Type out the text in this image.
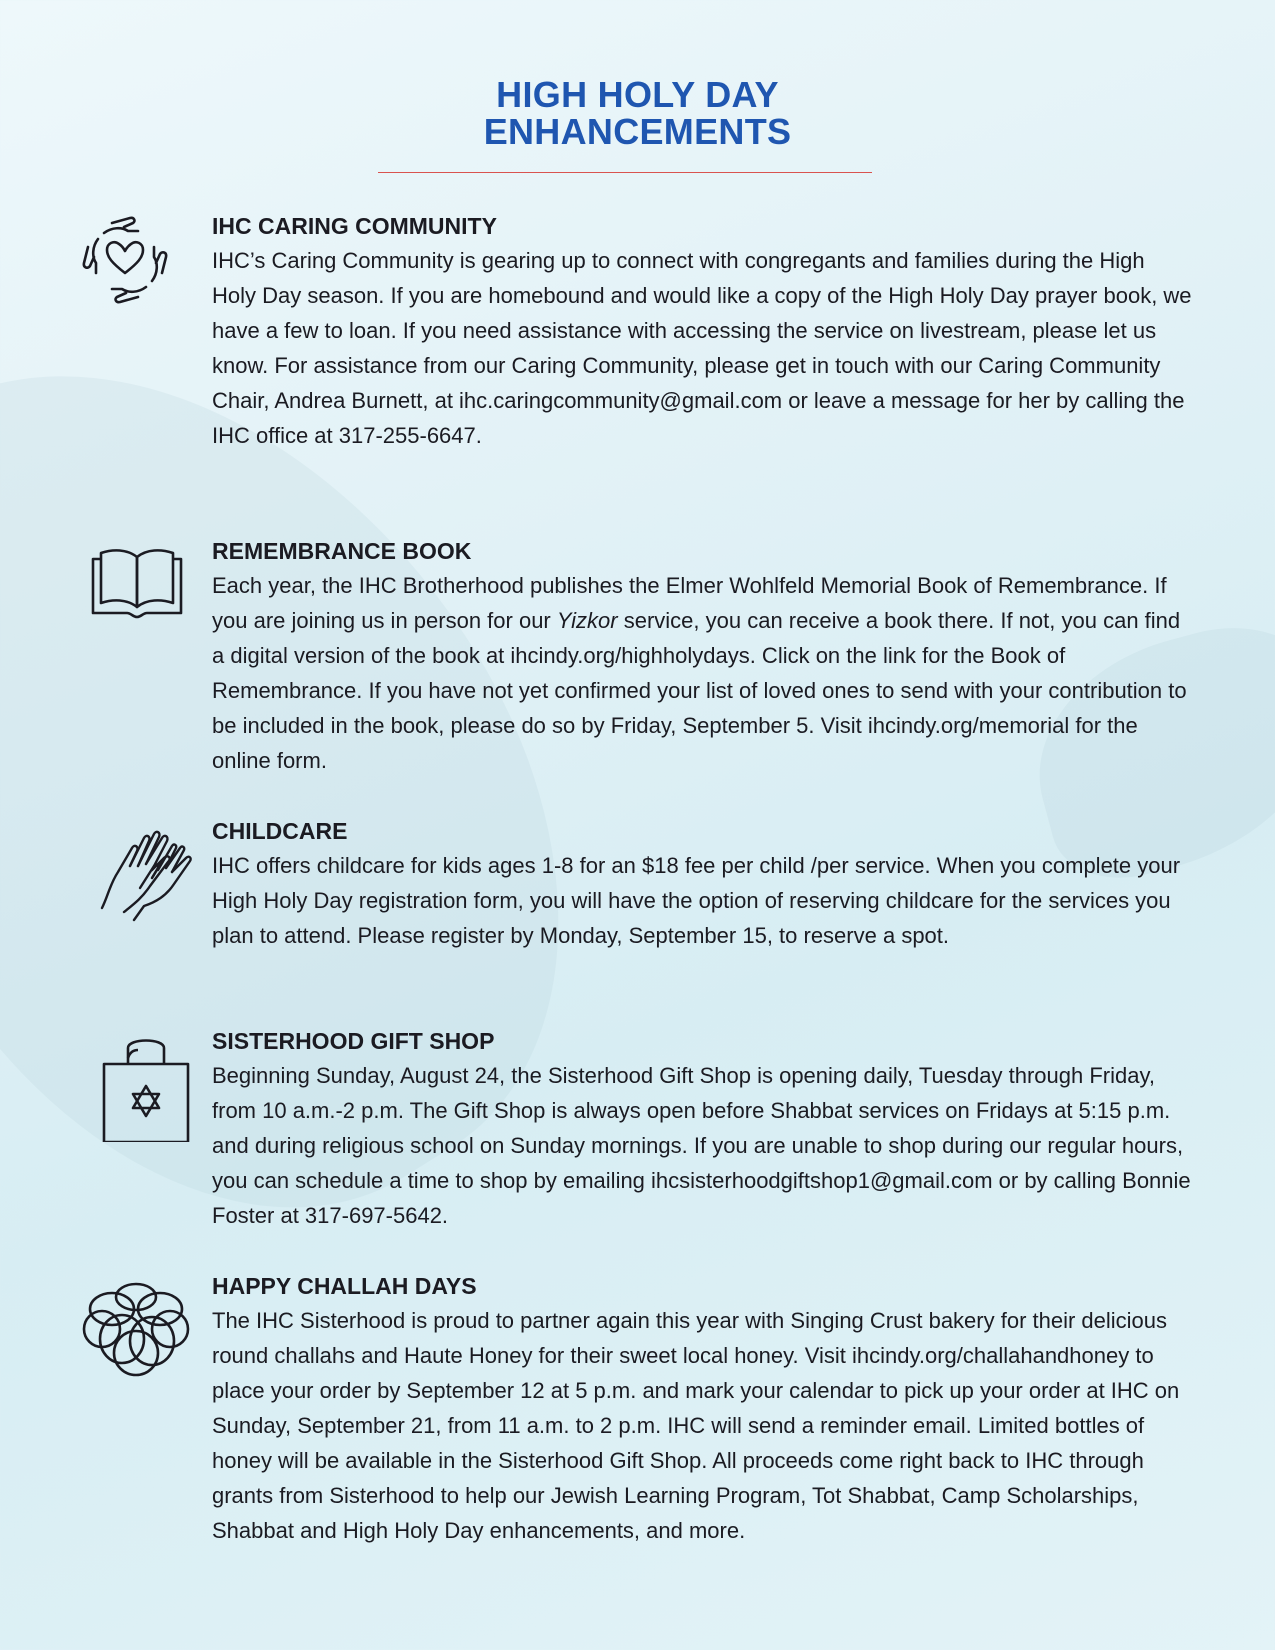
HIGH HOLY DAY
ENHANCEMENTS

IHC CARING COMMUNITY

IHC’s Caring Community is gearing up to connect with congregants and families during the High Holy Day season. If you are homebound and would like a copy of the High Holy Day prayer book, we have a few to loan. If you need assistance with accessing the service on livestream, please let us know. For assistance from our Caring Community, please get in touch with our Caring Community Chair, Andrea Burnett, at ihc.caringcommunity@gmail.com or leave a message for her by calling the IHC office at 317-255-6647.

REMEMBRANCE BOOK

Each year, the IHC Brotherhood publishes the Elmer Wohlfeld Memorial Book of Remembrance. If you are joining us in person for our Yizkor service, you can receive a book there. If not, you can find a digital version of the book at ihcindy.org/highholydays. Click on the link for the Book of Remembrance. If you have not yet confirmed your list of loved ones to send with your contribution to be included in the book, please do so by Friday, September 5. Visit ihcindy.org/memorial for the online form.

CHILDCARE

IHC offers childcare for kids ages 1-8 for an $18 fee per child /per service. When you complete your High Holy Day registration form, you will have the option of reserving childcare for the services you plan to attend. Please register by Monday, September 15, to reserve a spot.

SISTERHOOD GIFT SHOP

Beginning Sunday, August 24, the Sisterhood Gift Shop is opening daily, Tuesday through Friday, from 10 a.m.-2 p.m. The Gift Shop is always open before Shabbat services on Fridays at 5:15 p.m. and during religious school on Sunday mornings. If you are unable to shop during our regular hours, you can schedule a time to shop by emailing ihcsisterhoodgiftshop1@gmail.com or by calling Bonnie Foster at 317-697-5642.

HAPPY CHALLAH DAYS

The IHC Sisterhood is proud to partner again this year with Singing Crust bakery for their delicious round challahs and Haute Honey for their sweet local honey. Visit ihcindy.org/challahandhoney to place your order by September 12 at 5 p.m. and mark your calendar to pick up your order at IHC on Sunday, September 21, from 11 a.m. to 2 p.m. IHC will send a reminder email. Limited bottles of honey will be available in the Sisterhood Gift Shop. All proceeds come right back to IHC through grants from Sisterhood to help our Jewish Learning Program, Tot Shabbat, Camp Scholarships, Shabbat and High Holy Day enhancements, and more.
